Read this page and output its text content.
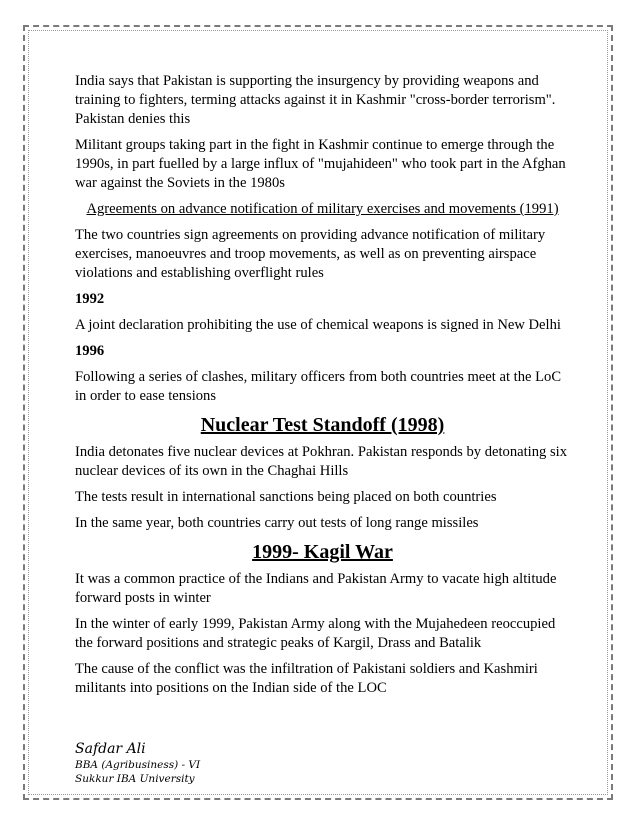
India says that Pakistan is supporting the insurgency by providing weapons and training to fighters, terming attacks against it in Kashmir "cross-border terrorism". Pakistan denies this

Militant groups taking part in the fight in Kashmir continue to emerge through the 1990s, in part fuelled by a large influx of "mujahideen" who took part in the Afghan war against the Soviets in the 1980s

Agreements on advance notification of military exercises and movements (1991)

The two countries sign agreements on providing advance notification of military exercises, manoeuvres and troop movements, as well as on preventing airspace violations and establishing overflight rules

1992

A joint declaration prohibiting the use of chemical weapons is signed in New Delhi

1996

Following a series of clashes, military officers from both countries meet at the LoC in order to ease tensions

Nuclear Test Standoff (1998)

India detonates five nuclear devices at Pokhran. Pakistan responds by detonating six nuclear devices of its own in the Chaghai Hills

The tests result in international sanctions being placed on both countries

In the same year, both countries carry out tests of long range missiles

1999- Kagil War

It was a common practice of the Indians and Pakistan Army to vacate high altitude forward posts in winter

In the winter of early 1999, Pakistan Army along with the Mujahedeen reoccupied the forward positions and strategic peaks of Kargil, Drass and Batalik

The cause of the conflict was the infiltration of Pakistani soldiers and Kashmiri militants into positions on the Indian side of the LOC

Safdar Ali
BBA (Agribusiness) - VI
Sukkur IBA University
